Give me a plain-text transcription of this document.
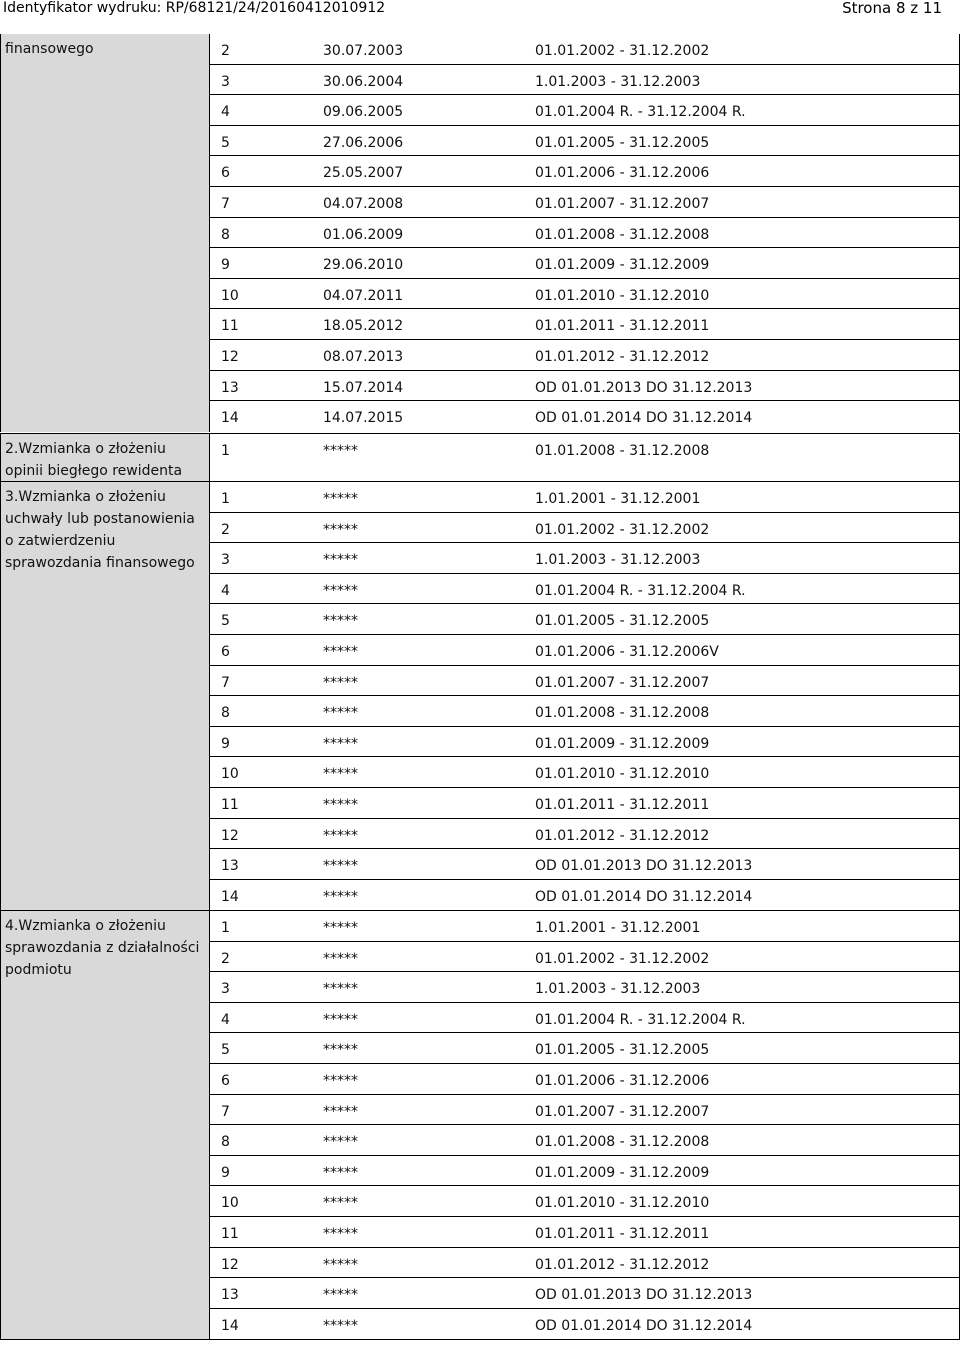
Identyfikator wydruku: RP/68121/24/20160412010912	Strona 8 z 11
finansowego	2	30.07.2003	01.01.2002 - 31.12.2002
3	30.06.2004	1.01.2003 - 31.12.2003
4	09.06.2005	01.01.2004 R. - 31.12.2004 R.
5	27.06.2006	01.01.2005 - 31.12.2005
6	25.05.2007	01.01.2006 - 31.12.2006
7	04.07.2008	01.01.2007 - 31.12.2007
8	01.06.2009	01.01.2008 - 31.12.2008
9	29.06.2010	01.01.2009 - 31.12.2009
10	04.07.2011	01.01.2010 - 31.12.2010
11	18.05.2012	01.01.2011 - 31.12.2011
12	08.07.2013	01.01.2012 - 31.12.2012
13	15.07.2014	OD 01.01.2013 DO 31.12.2013
14	14.07.2015	OD 01.01.2014 DO 31.12.2014
2.Wzmianka o złożeniu opinii biegłego rewidenta
1	*****	01.01.2008 - 31.12.2008
3.Wzmianka o złożeniu uchwały lub postanowienia o zatwierdzeniu sprawozdania finansowego
1	*****	1.01.2001 - 31.12.2001
2	*****	01.01.2002 - 31.12.2002
3	*****	1.01.2003 - 31.12.2003
4	*****	01.01.2004 R. - 31.12.2004 R.
5	*****	01.01.2005 - 31.12.2005
6	*****	01.01.2006 - 31.12.2006V
7	*****	01.01.2007 - 31.12.2007
8	*****	01.01.2008 - 31.12.2008
9	*****	01.01.2009 - 31.12.2009
10	*****	01.01.2010 - 31.12.2010
11	*****	01.01.2011 - 31.12.2011
12	*****	01.01.2012 - 31.12.2012
13	*****	OD 01.01.2013 DO 31.12.2013
14	*****	OD 01.01.2014 DO 31.12.2014
4.Wzmianka o złożeniu sprawozdania z działalności podmiotu
1	*****	1.01.2001 - 31.12.2001
2	*****	01.01.2002 - 31.12.2002
3	*****	1.01.2003 - 31.12.2003
4	*****	01.01.2004 R. - 31.12.2004 R.
5	*****	01.01.2005 - 31.12.2005
6	*****	01.01.2006 - 31.12.2006
7	*****	01.01.2007 - 31.12.2007
8	*****	01.01.2008 - 31.12.2008
9	*****	01.01.2009 - 31.12.2009
10	*****	01.01.2010 - 31.12.2010
11	*****	01.01.2011 - 31.12.2011
12	*****	01.01.2012 - 31.12.2012
13	*****	OD 01.01.2013 DO 31.12.2013
14	*****	OD 01.01.2014 DO 31.12.2014
